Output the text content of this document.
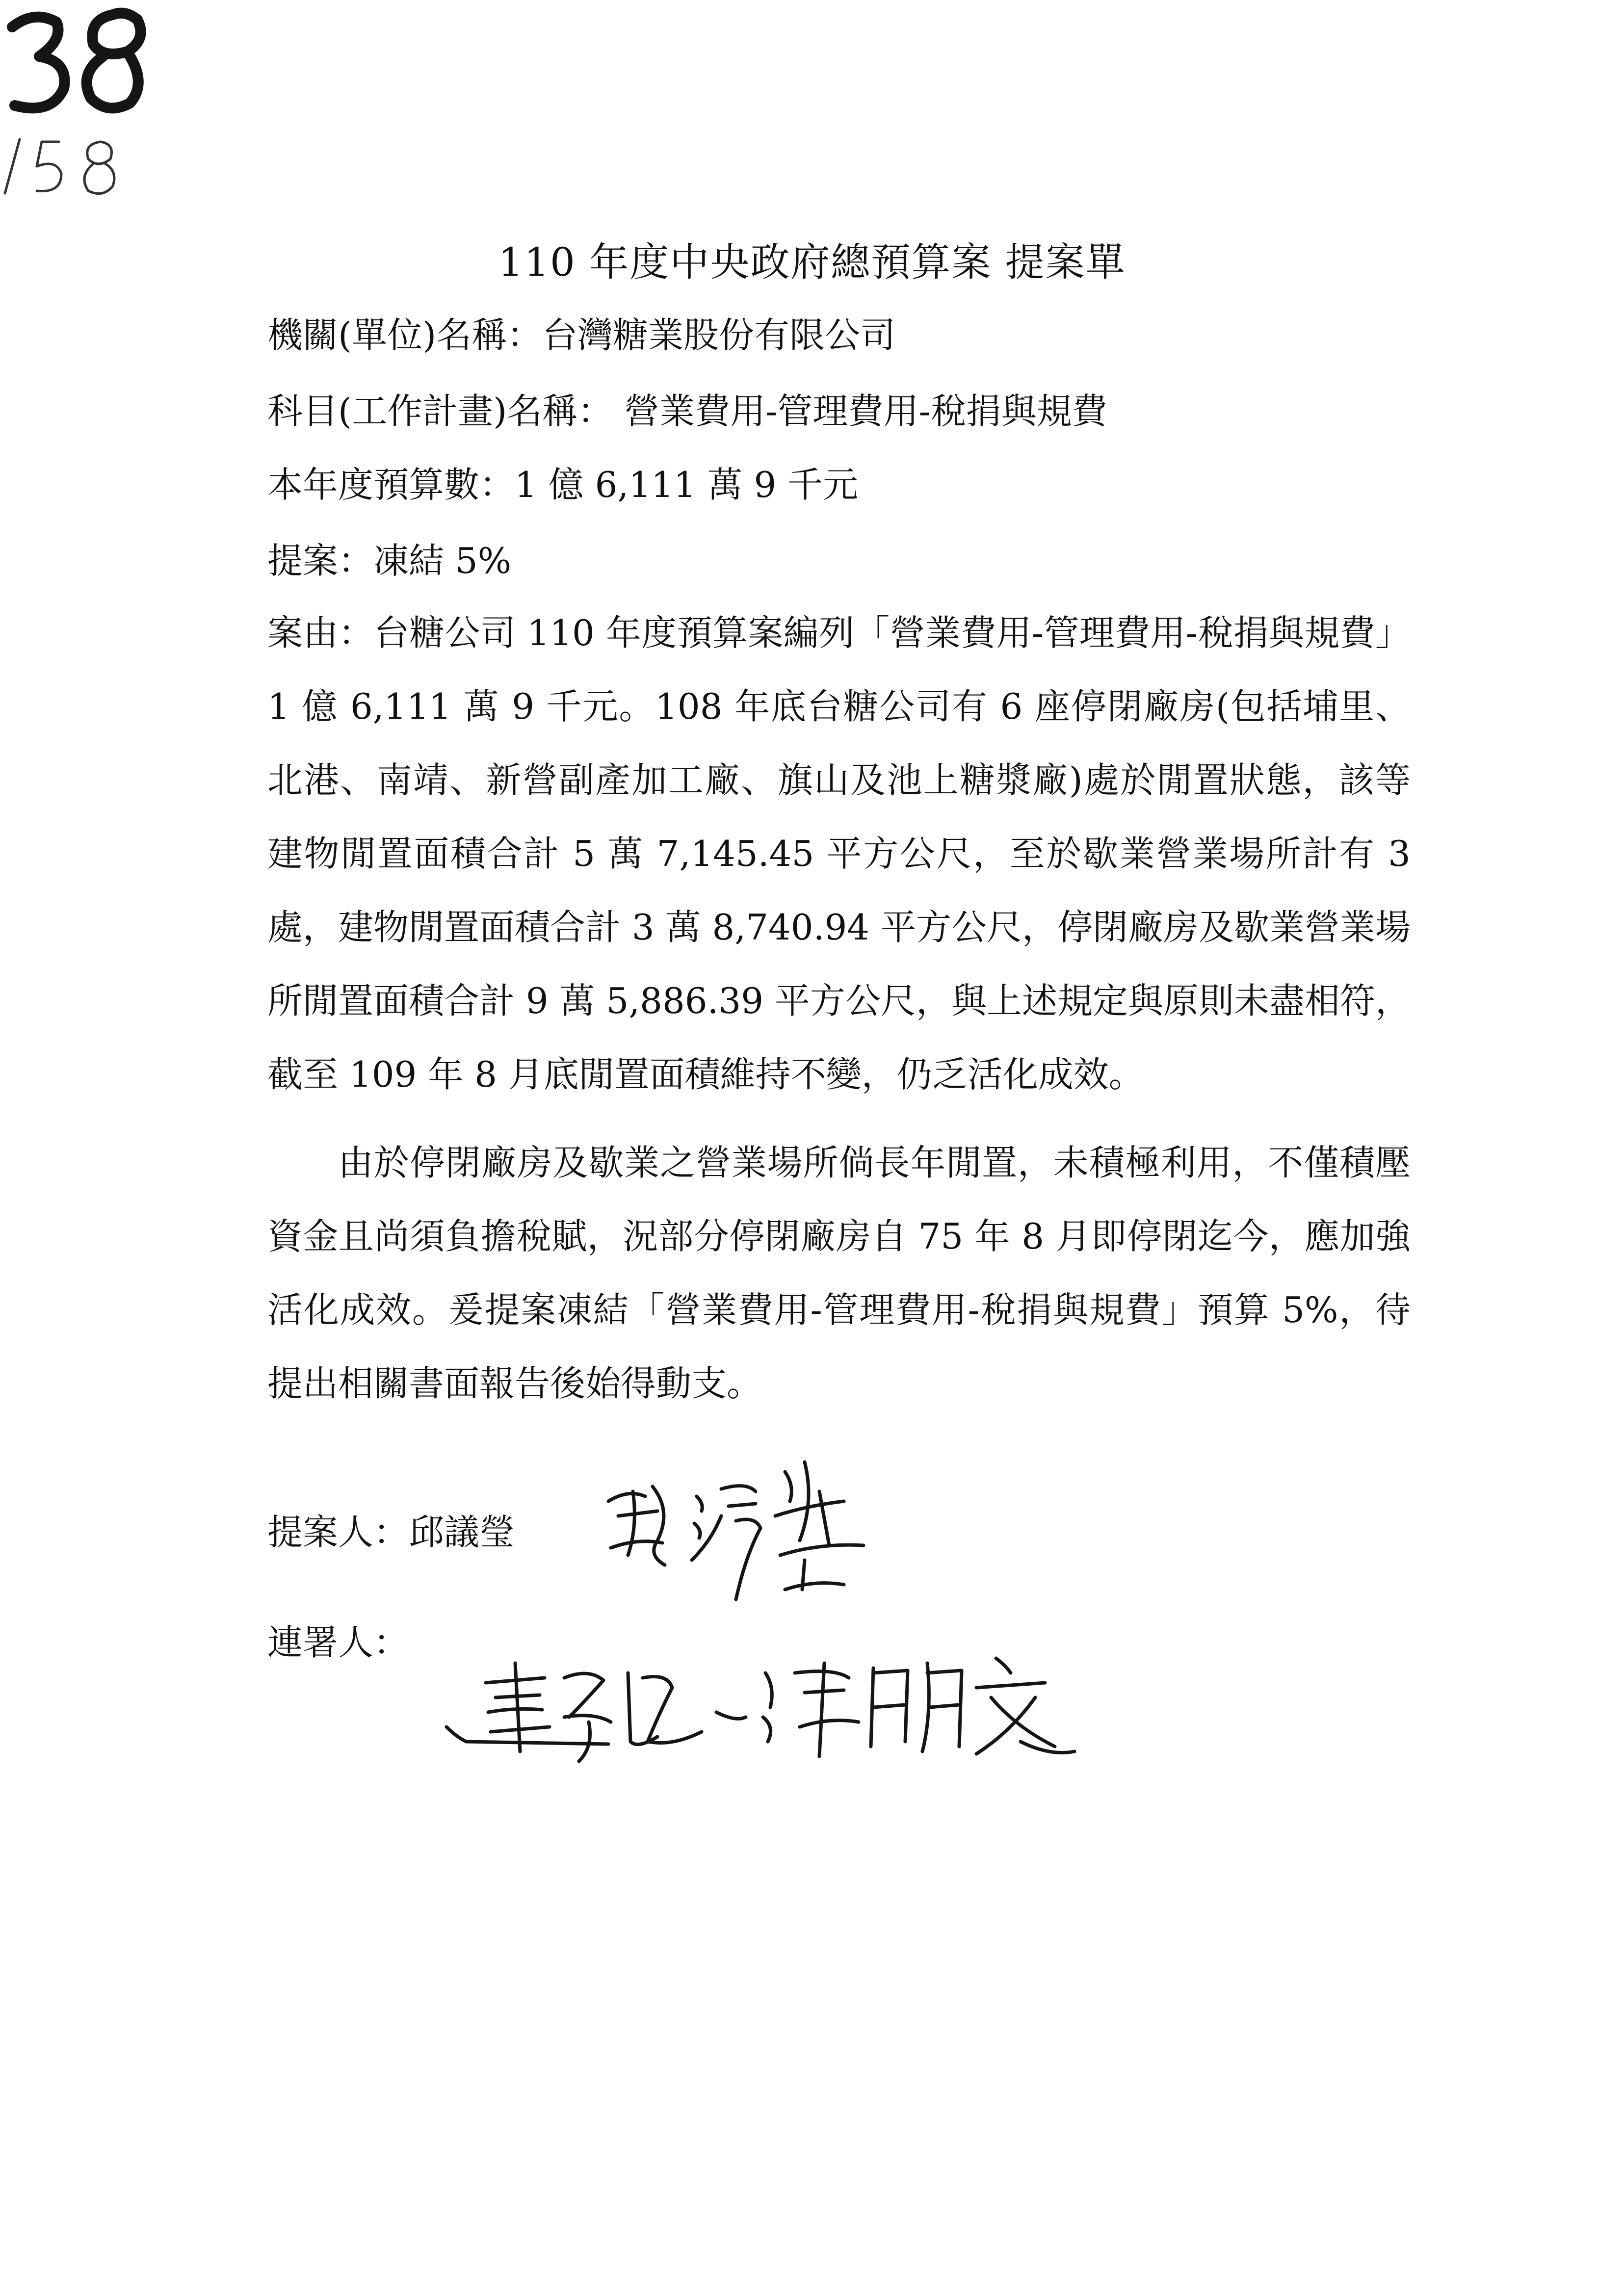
110 年度中央政府總預算案 提案單
機關(單位)名稱：台灣糖業股份有限公司
科目(工作計畫)名稱： 營業費用-管理費用-稅捐與規費
本年度預算數：1 億 6,111 萬 9 千元
提案：凍結 5%

案由：台糖公司 110 年度預算案編列「營業費用-管理費用-稅捐與規費」1 億 6,111 萬 9 千元。108 年底台糖公司有 6 座停閉廠房(包括埔里、北港、南靖、新營副產加工廠、旗山及池上糖漿廠)處於閒置狀態，該等建物閒置面積合計 5 萬 7,145.45 平方公尺，至於歇業營業場所計有 3 處，建物閒置面積合計 3 萬 8,740.94 平方公尺，停閉廠房及歇業營業場所閒置面積合計 9 萬 5,886.39 平方公尺，與上述規定與原則未盡相符，截至 109 年 8 月底閒置面積維持不變，仍乏活化成效。

由於停閉廠房及歇業之營業場所倘長年閒置，未積極利用，不僅積壓資金且尚須負擔稅賦，況部分停閉廠房自 75 年 8 月即停閉迄今，應加強活化成效。爰提案凍結「營業費用-管理費用-稅捐與規費」預算 5%，待提出相關書面報告後始得動支。

提案人：邱議瑩
連署人：
